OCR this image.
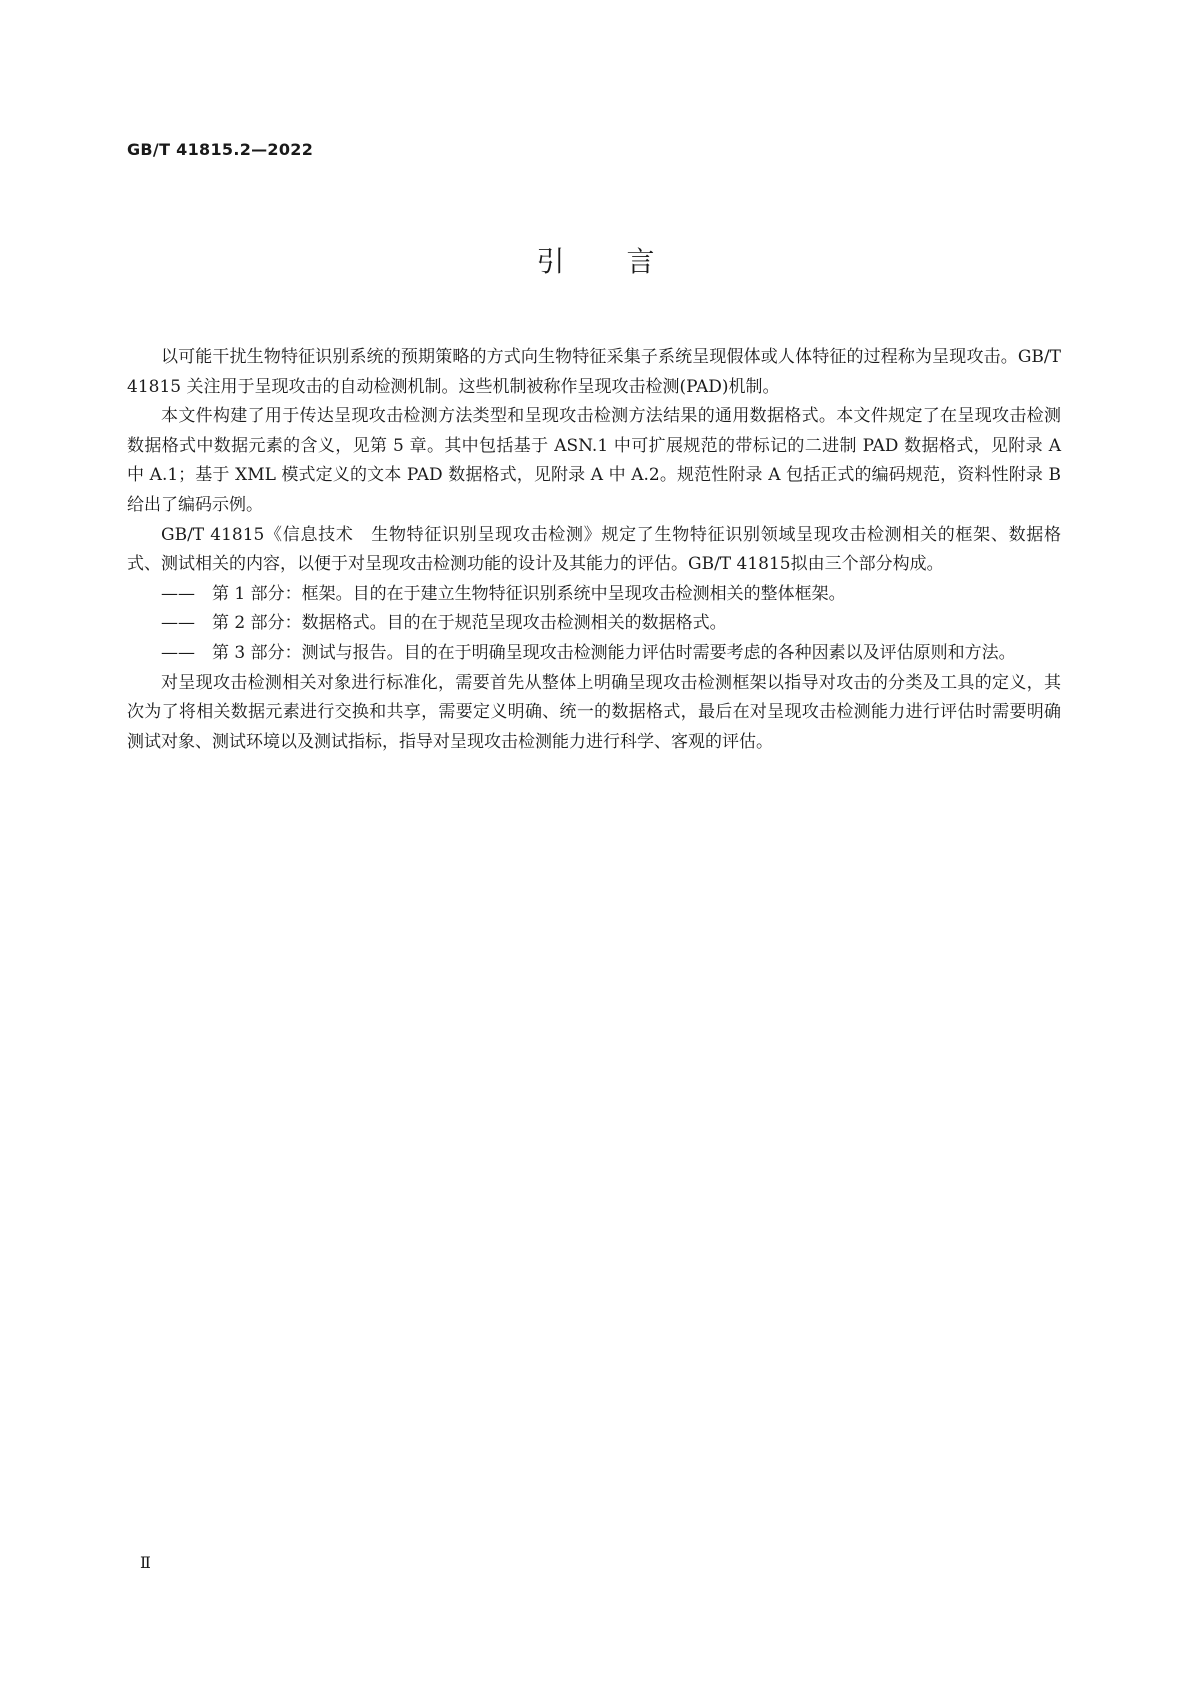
GB/T 41815.2—2022
引言

以可能干扰生物特征识别系统的预期策略的方式向生物特征采集子系统呈现假体或人体特征的过程称为呈现攻击。GB/T 41815 关注用于呈现攻击的自动检测机制。这些机制被称作呈现攻击检测(PAD)机制。

本文件构建了用于传达呈现攻击检测方法类型和呈现攻击检测方法结果的通用数据格式。本文件规定了在呈现攻击检测数据格式中数据元素的含义，见第 5 章。其中包括基于 ASN.1 中可扩展规范的带标记的二进制 PAD 数据格式，见附录 A 中 A.1；基于 XML 模式定义的文本 PAD 数据格式，见附录 A 中 A.2。规范性附录 A 包括正式的编码规范，资料性附录 B 给出了编码示例。

GB/T 41815《信息技术　生物特征识别呈现攻击检测》规定了生物特征识别领域呈现攻击检测相关的框架、数据格式、测试相关的内容，以便于对呈现攻击检测功能的设计及其能力的评估。GB/T 41815拟由三个部分构成。

——	第 1 部分：框架。目的在于建立生物特征识别系统中呈现攻击检测相关的整体框架。

——	第 2 部分：数据格式。目的在于规范呈现攻击检测相关的数据格式。

——	第 3 部分：测试与报告。目的在于明确呈现攻击检测能力评估时需要考虑的各种因素以及评估原则和方法。

对呈现攻击检测相关对象进行标准化，需要首先从整体上明确呈现攻击检测框架以指导对攻击的分类及工具的定义，其次为了将相关数据元素进行交换和共享，需要定义明确、统一的数据格式，最后在对呈现攻击检测能力进行评估时需要明确测试对象、测试环境以及测试指标，指导对呈现攻击检测能力进行科学、客观的评估。

Ⅱ
